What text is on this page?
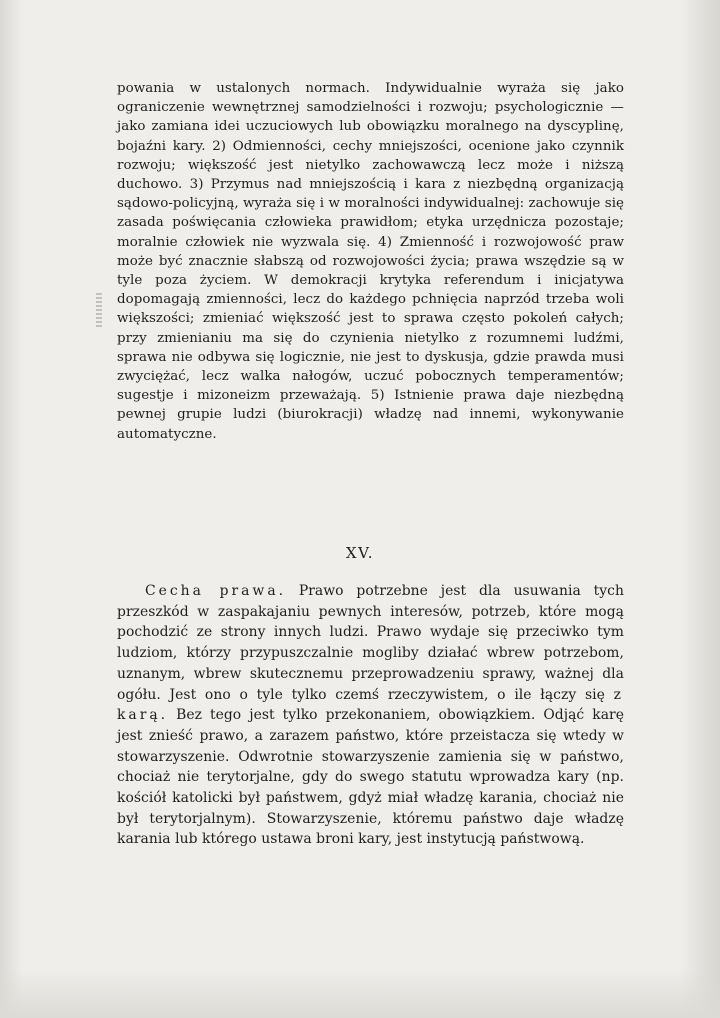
powania w ustalonych normach. Indywidualnie wyraża się jako ograniczenie wewnętrznej samodzielności i rozwoju; psychologicznie — jako zamiana idei uczuciowych lub obowiązku moralnego na dyscyplinę, bojaźni kary. 2) Odmienności, cechy mniejszości, ocenione jako czynnik rozwoju; większość jest nietylko zachowawczą lecz może i niższą duchowo. 3) Przymus nad mniejszością i kara z niezbędną organizacją sądowo-policyjną, wyraża się i w moralności indywidualnej: zachowuje się zasada poświęcania człowieka prawidłom; etyka urzędnicza pozostaje; moralnie człowiek nie wyzwala się. 4) Zmienność i rozwojowość praw może być znacznie słabszą od rozwojowości życia; prawa wszędzie są w tyle poza życiem. W demokracji krytyka referendum i inicjatywa dopomagają zmienności, lecz do każdego pchnięcia naprzód trzeba woli większości; zmieniać większość jest to sprawa często pokoleń całych; przy zmienianiu ma się do czynienia nietylko z rozumnemi ludźmi, sprawa nie odbywa się logicznie, nie jest to dyskusja, gdzie prawda musi zwyciężać, lecz walka nałogów, uczuć pobocznych temperamentów; sugestje i mizoneizm przeważają. 5) Istnienie prawa daje niezbędną pewnej grupie ludzi (biurokracji) władzę nad innemi, wykonywanie automatyczne.
XV.
Cecha prawa. Prawo potrzebne jest dla usuwania tych przeszkód w zaspakajaniu pewnych interesów, potrzeb, które mogą pochodzić ze strony innych ludzi. Prawo wydaje się przeciwko tym ludziom, którzy przypuszczalnie mogliby działać wbrew potrzebom, uznanym, wbrew skutecznemu przeprowadzeniu sprawy, ważnej dla ogółu. Jest ono o tyle tylko czemś rzeczywistem, o ile łączy się z karą. Bez tego jest tylko przekonaniem, obowiązkiem. Odjąć karę jest znieść prawo, a zarazem państwo, które przeistacza się wtedy w stowarzyszenie. Odwrotnie stowarzyszenie zamienia się w państwo, chociaż nie terytorjalne, gdy do swego statutu wprowadza kary (np. kościół katolicki był państwem, gdyż miał władzę karania, chociaż nie był terytorjalnym). Stowarzyszenie, któremu państwo daje władzę karania lub którego ustawa broni kary, jest instytucją państwową.
